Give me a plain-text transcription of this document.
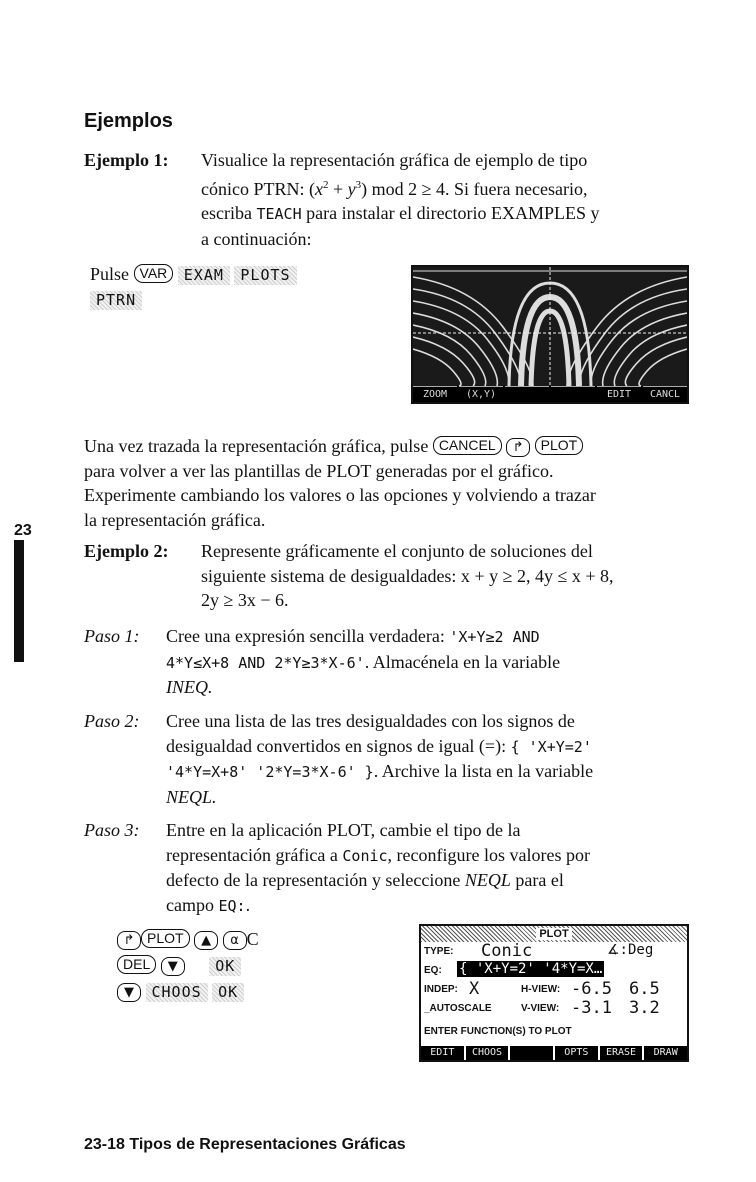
Ejemplos
Ejemplo 1: Visualice la representación gráfica de ejemplo de tipo
cónico PTRN: $(x^2 + y^3)$ mod 2 ≥ 4. Si fuera necesario,
escriba TEACH para instalar el directorio EXAMPLES y
a continuación:
Pulse VAR EXAM PLOTS
PTRN
ZOOM	(X,Y)	EDIT	CANCL
Una vez trazada la representación gráfica, pulse CANCEL ↱ PLOT
para volver a ver las plantillas de PLOT generadas por el gráfico.
Experimente cambiando los valores o las opciones y volviendo a trazar
la representación gráfica.
23
Ejemplo 2: Represente gráficamente el conjunto de soluciones del
siguiente sistema de desigualdades: x + y ≥ 2, 4y ≤ x + 8,
2y ≥ 3x − 6.
Paso 1: Cree una expresión sencilla verdadera: 'X+Y≥2 AND
4*Y≤X+8 AND 2*Y≥3*X-6'. Almacénela en la variable
INEQ.
Paso 2: Cree una lista de las tres desigualdades con los signos de
desigualdad convertidos en signos de igual (=): { 'X+Y=2'
'4*Y=X+8' '2*Y=3*X-6' }. Archive la lista en la variable
NEQL.
Paso 3: Entre en la aplicación PLOT, cambie el tipo de la
representación gráfica a Conic, reconfigure los valores por
defecto de la representación y seleccione NEQL para el
campo EQ:.
↱ PLOT ▲ α C
DEL ▼	OK
▼ CHOOS OK
PLOT
TYPE: Conic	∡:Deg
EQ: { 'X+Y=2' '4*Y=X…
INDEP: X	H-VIEW: -6.5 6.5
_AUTOSCALE	V-VIEW: -3.1 3.2
ENTER FUNCTION(S) TO PLOT
EDIT	CHOOS	OPTS	ERASE	DRAW
23-18 Tipos de Representaciones Gráficas
